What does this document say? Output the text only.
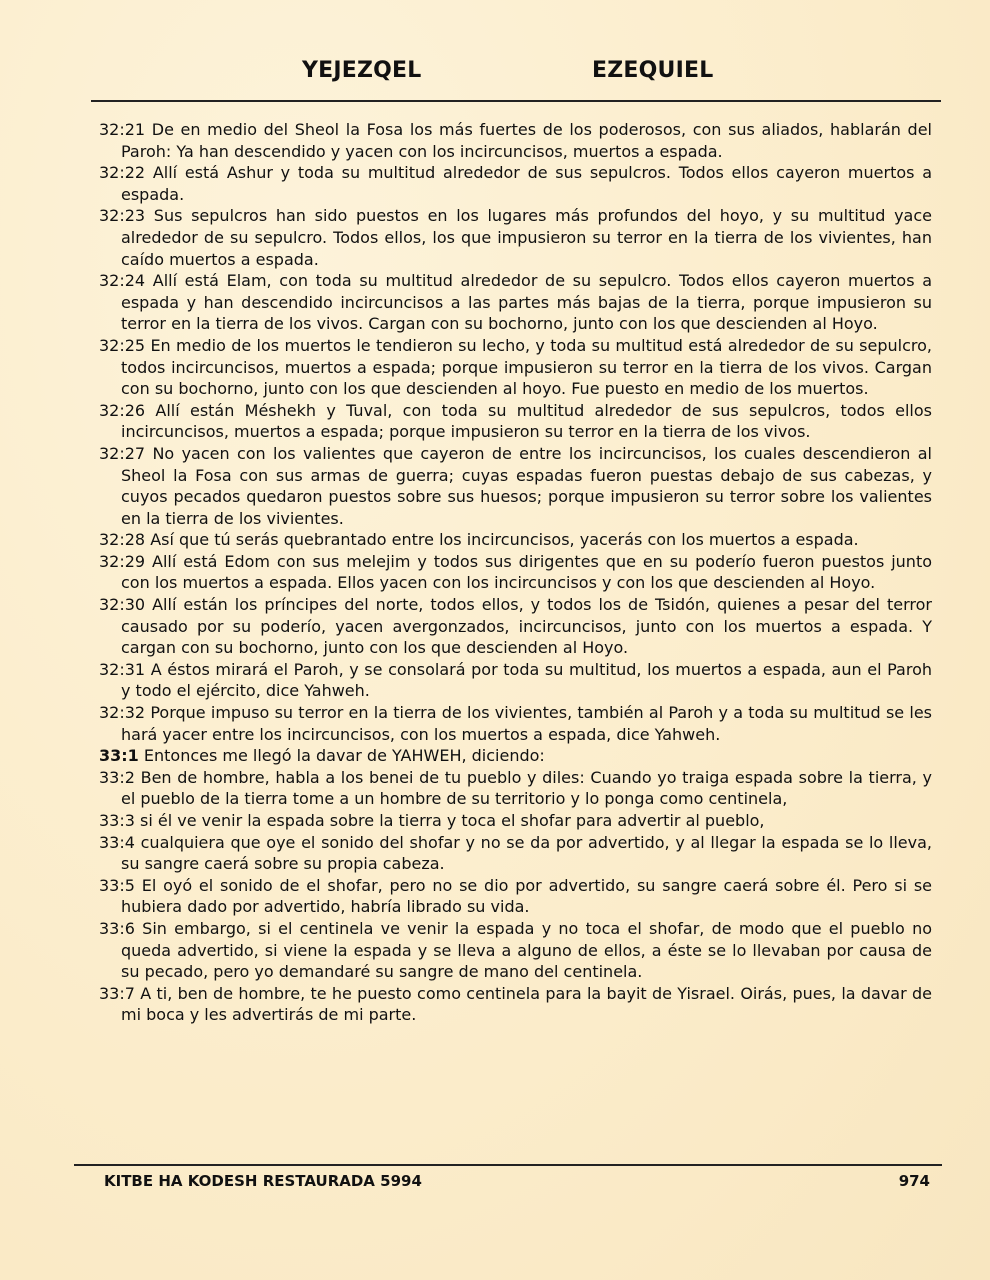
YEJEZQEL	EZEQUIEL

32:21 De en medio del Sheol la Fosa los más fuertes de los poderosos, con sus aliados, hablarán del Paroh: Ya han descendido y yacen con los incircuncisos, muertos a espada.

32:22 Allí está Ashur y toda su multitud alrededor de sus sepulcros. Todos ellos cayeron muertos a espada.

32:23 Sus sepulcros han sido puestos en los lugares más profundos del hoyo, y su multitud yace alrededor de su sepulcro. Todos ellos, los que impusieron su terror en la tierra de los vivientes, han caído muertos a espada.

32:24 Allí está Elam, con toda su multitud alrededor de su sepulcro. Todos ellos cayeron muertos a espada y han descendido incircuncisos a las partes más bajas de la tierra, porque impusieron su terror en la tierra de los vivos. Cargan con su bochorno, junto con los que descienden al Hoyo.

32:25 En medio de los muertos le tendieron su lecho, y toda su multitud está alrededor de su sepulcro, todos incircuncisos, muertos a espada; porque impusieron su terror en la tierra de los vivos. Cargan con su bochorno, junto con los que descienden al hoyo. Fue puesto en medio de los muertos.

32:26 Allí están Méshekh y Tuval, con toda su multitud alrededor de sus sepulcros, todos ellos incircuncisos, muertos a espada; porque impusieron su terror en la tierra de los vivos.

32:27 No yacen con los valientes que cayeron de entre los incircuncisos, los cuales descendieron al Sheol la Fosa con sus armas de guerra; cuyas espadas fueron puestas debajo de sus cabezas, y cuyos pecados quedaron puestos sobre sus huesos; porque impusieron su terror sobre los valientes en la tierra de los vivientes.

32:28 Así que tú serás quebrantado entre los incircuncisos, yacerás con los muertos a espada.

32:29 Allí está Edom con sus melejim y todos sus dirigentes que en su poderío fueron puestos junto con los muertos a espada. Ellos yacen con los incircuncisos y con los que descienden al Hoyo.

32:30 Allí están los príncipes del norte, todos ellos, y todos los de Tsidón, quienes a pesar del terror causado por su poderío, yacen avergonzados, incircuncisos, junto con los muertos a espada. Y cargan con su bochorno, junto con los que descienden al Hoyo.

32:31 A éstos mirará el Paroh, y se consolará por toda su multitud, los muertos a espada, aun el Paroh y todo el ejército, dice Yahweh.

32:32 Porque impuso su terror en la tierra de los vivientes, también al Paroh y a toda su multitud se les hará yacer entre los incircuncisos, con los muertos a espada, dice Yahweh.

33:1 Entonces me llegó la davar de YAHWEH, diciendo:

33:2 Ben de hombre, habla a los benei de tu pueblo y diles: Cuando yo traiga espada sobre la tierra, y el pueblo de la tierra tome a un hombre de su territorio y lo ponga como centinela,

33:3 si él ve venir la espada sobre la tierra y toca el shofar para advertir al pueblo,

33:4 cualquiera que oye el sonido del shofar y no se da por advertido, y al llegar la espada se lo lleva, su sangre caerá sobre su propia cabeza.

33:5 El oyó el sonido de el shofar, pero no se dio por advertido, su sangre caerá sobre él. Pero si se hubiera dado por advertido, habría librado su vida.

33:6 Sin embargo, si el centinela ve venir la espada y no toca el shofar, de modo que el pueblo no queda advertido, si viene la espada y se lleva a alguno de ellos, a éste se lo llevaban por causa de su pecado, pero yo demandaré su sangre de mano del centinela.

33:7 A ti, ben de hombre, te he puesto como centinela para la bayit de Yisrael. Oirás, pues, la davar de mi boca y les advertirás de mi parte.

KITBE HA KODESH RESTAURADA 5994	974
